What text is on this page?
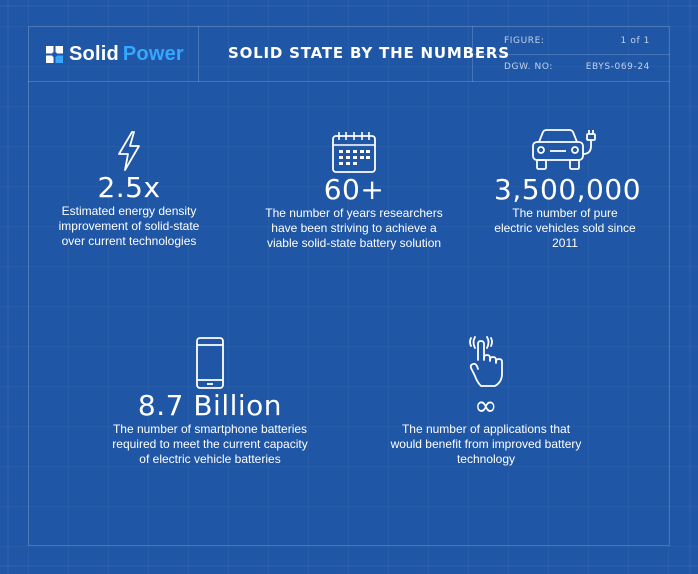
Solid Power	SOLID STATE BY THE NUMBERS
FIGURE:	1 of 1
DGW. NO:	EBYS-069-24
2.5x
Estimated energy density improvement of solid-state over current technologies
60+
The number of years researchers have been striving to achieve a viable solid-state battery solution
3,500,000
The number of pure electric vehicles sold since 2011
8.7 Billion
The number of smartphone batteries required to meet the current capacity of electric vehicle batteries
∞
The number of applications that would benefit from improved battery technology
